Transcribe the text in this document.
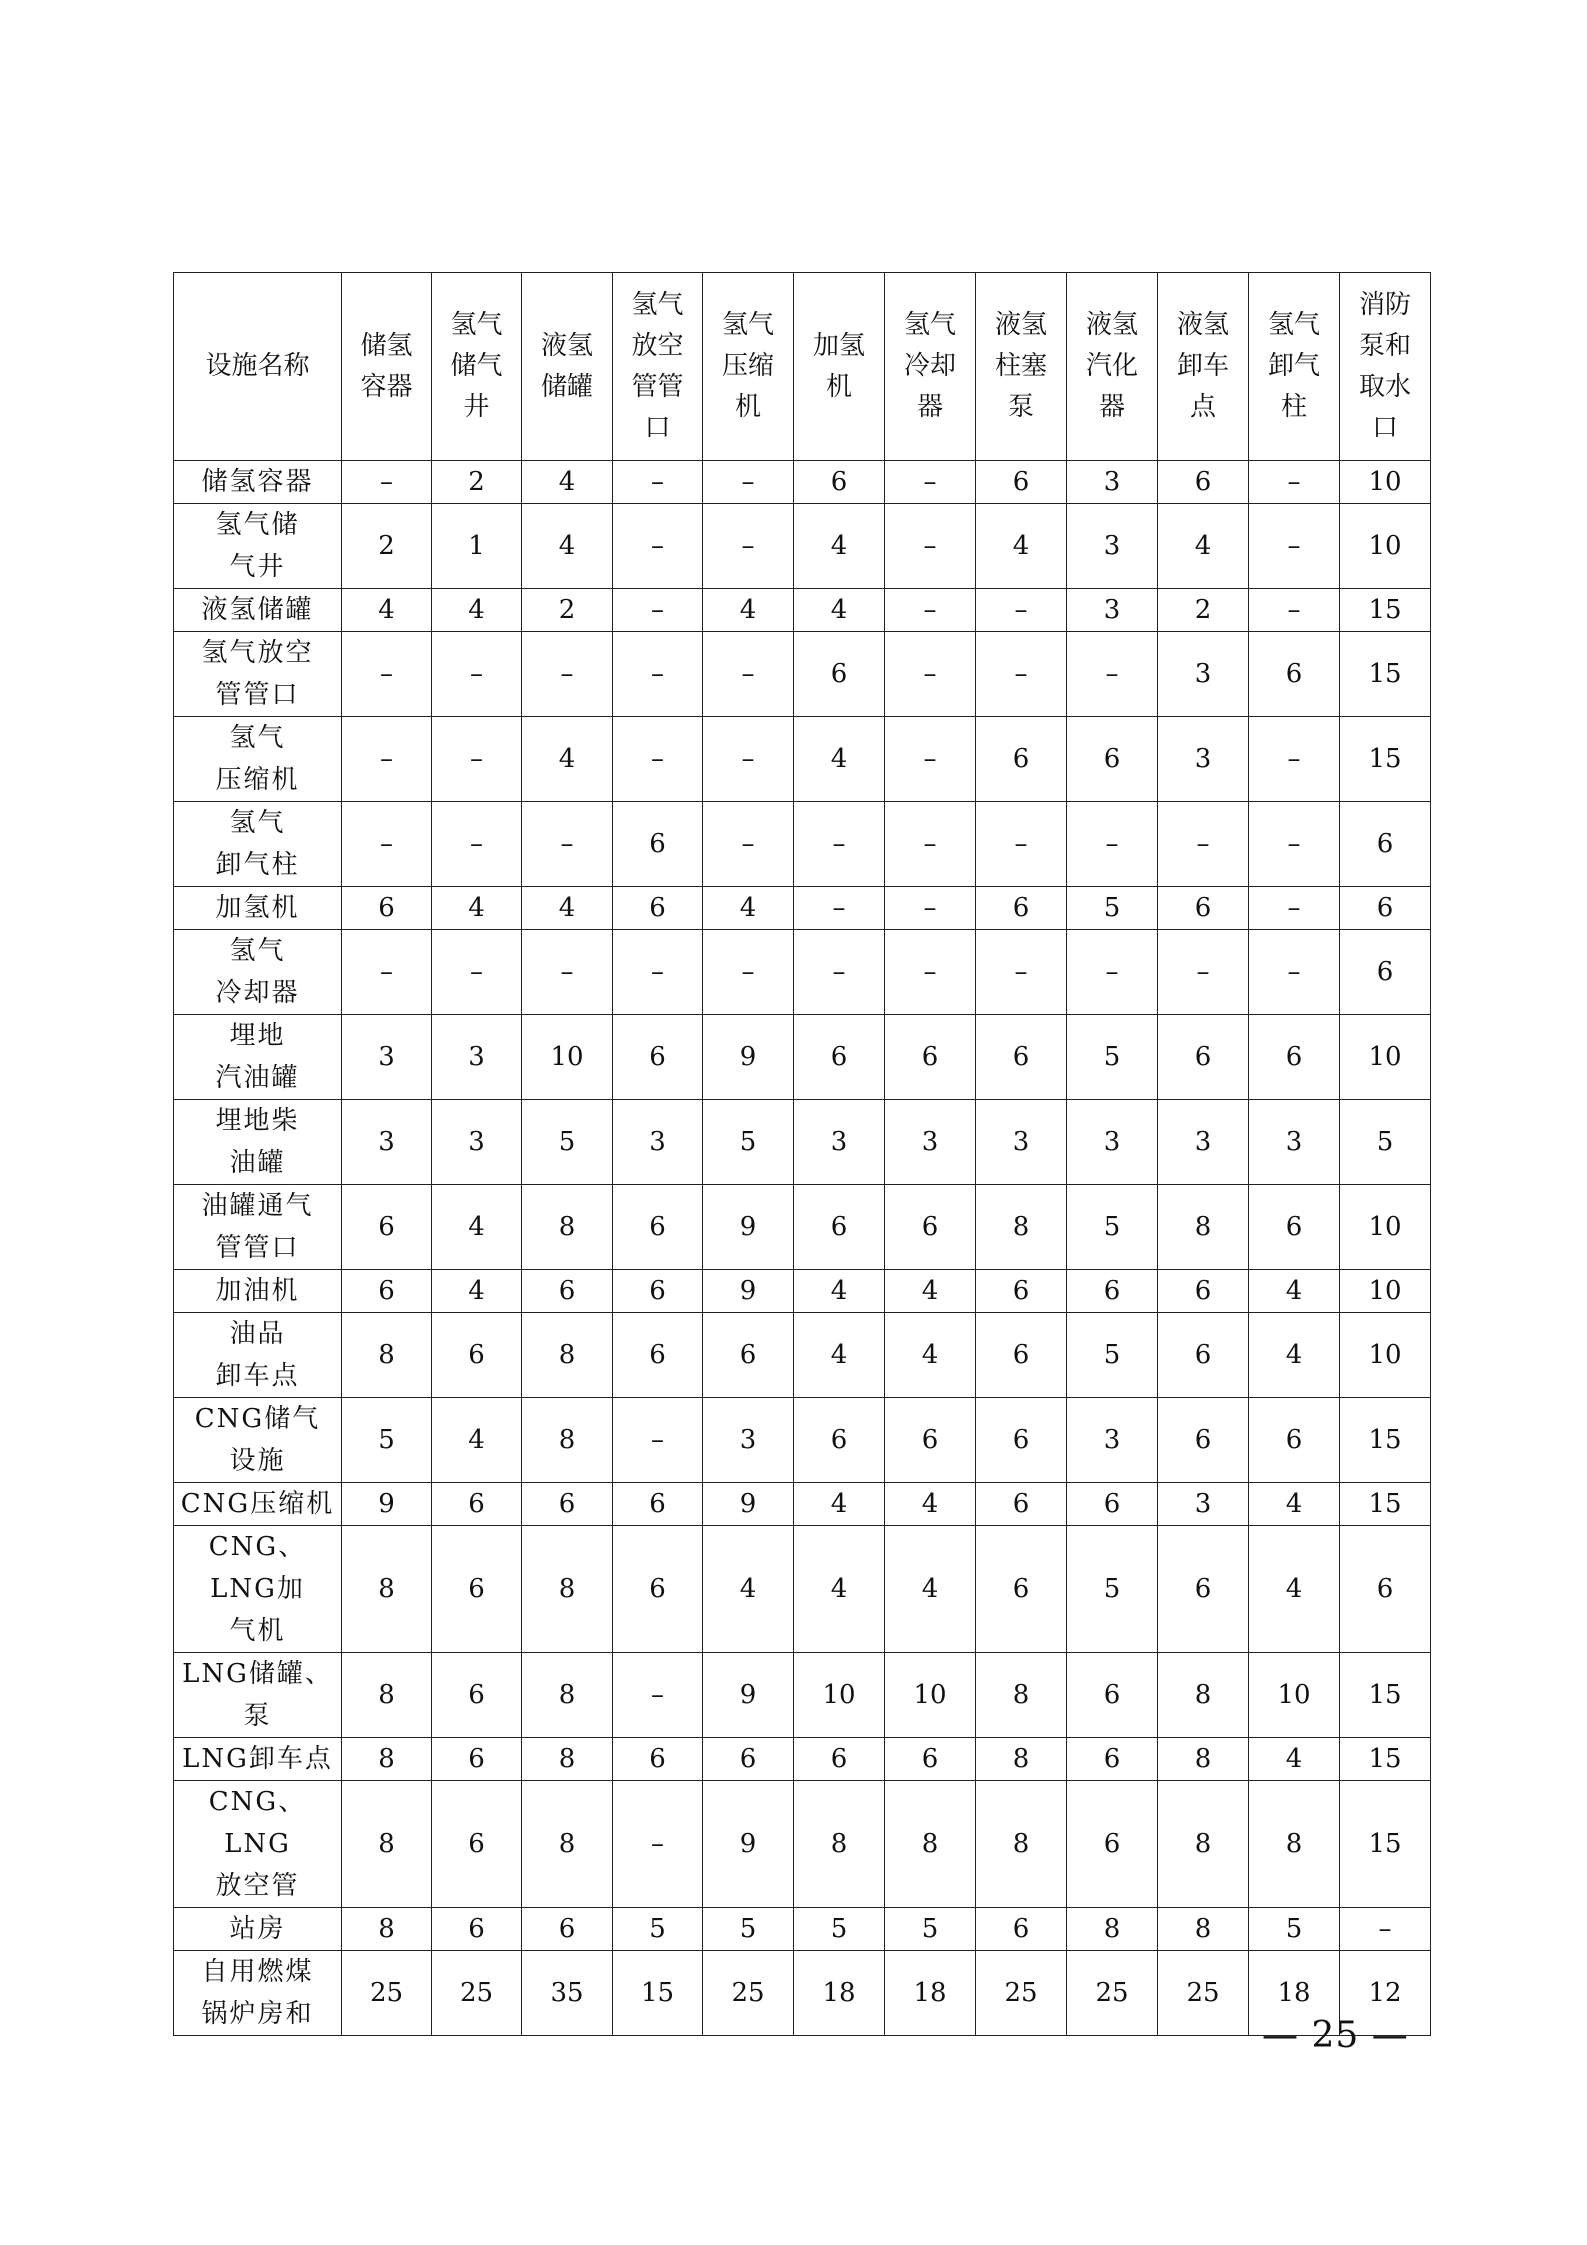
设施名称	储氢
容器	氢气
储气
井	液氢
储罐	氢气
放空
管管
口	氢气
压缩
机	加氢
机	氢气
冷却
器	液氢
柱塞
泵	液氢
汽化
器	液氢
卸车
点	氢气
卸气
柱	消防
泵和
取水
口

储氢容器	–	2	4	–	–	6	–	6	3	6	–	10

氢气储
气井	2	1	4	–	–	4	–	4	3	4	–	10

液氢储罐	4	4	2	–	4	4	–	–	3	2	–	15

氢气放空
管管口	–	–	–	–	–	6	–	–	–	3	6	15

氢气
压缩机	–	–	4	–	–	4	–	6	6	3	–	15

氢气
卸气柱	–	–	–	6	–	–	–	–	–	–	–	6

加氢机	6	4	4	6	4	–	–	6	5	6	–	6

氢气
冷却器	–	–	–	–	–	–	–	–	–	–	–	6

埋地
汽油罐	3	3	10	6	9	6	6	6	5	6	6	10

埋地柴
油罐	3	3	5	3	5	3	3	3	3	3	3	5

油罐通气
管管口	6	4	8	6	9	6	6	8	5	8	6	10

加油机	6	4	6	6	9	4	4	6	6	6	4	10

油品
卸车点	8	6	8	6	6	4	4	6	5	6	4	10

CNG储气
设施	5	4	8	–	3	6	6	6	3	6	6	15

CNG压缩机	9	6	6	6	9	4	4	6	6	3	4	15

CNG、LNG加
气机	8	6	8	6	4	4	4	6	5	6	4	6

LNG储罐、
泵	8	6	8	–	9	10	10	8	6	8	10	15

LNG卸车点	8	6	8	6	6	6	6	8	6	8	4	15

CNG、LNG
放空管	8	6	8	–	9	8	8	8	6	8	8	15

站房	8	6	6	5	5	5	5	6	8	8	5	–

自用燃煤
锅炉房和	25	25	35	15	25	18	18	25	25	25	18	12
— 25 —
